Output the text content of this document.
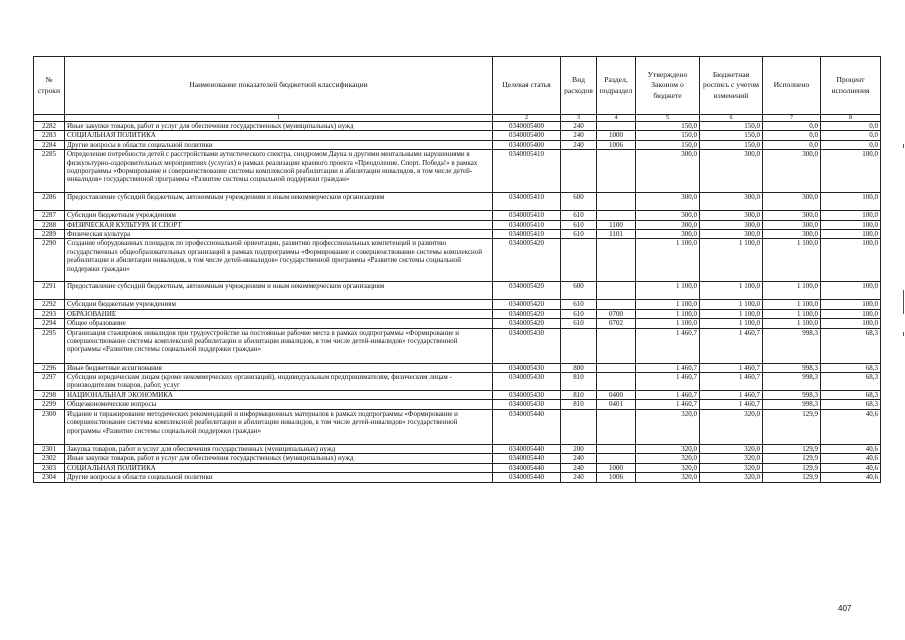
№ строки	Наименование показателей бюджетной классификации	Целевая статья	Вид расходов	Раздел, подраздел	Утверждено Законом о бюджете	Бюджетная роспись с учетом изменений	Исполнено	Процент исполнения
	1	2	3	4	5	6	7	8
2282	Иные закупки товаров, работ и услуг для обеспечения государственных (муниципальных) нужд	0340005400	240		150,0	150,0	0,0	0,0
2283	СОЦИАЛЬНАЯ ПОЛИТИКА	0340005400	240	1000	150,0	150,0	0,0	0,0
2284	Другие вопросы в области социальной политики	0340005400	240	1006	150,0	150,0	0,0	0,0
2285	Определение потребности детей с расстройствами аутистического спектра, синдромом Дауна и другими ментальными нарушениями в физкультурно-оздоровительных мероприятиях (услугах) в рамках реализации краевого проекта «Преодоление. Спорт. Победа!» в рамках подпрограммы «Формирование и совершенствование системы комплексной реабилитации и абилитации инвалидов, в том числе детей-инвалидов» государственной программы «Развитие системы социальной поддержки граждан»	0340005410			300,0	300,0	300,0	100,0
2286	Предоставление субсидий бюджетным, автономным учреждениям и иным некоммерческим организациям	0340005410	600		300,0	300,0	300,0	100,0
2287	Субсидии бюджетным учреждениям	0340005410	610		300,0	300,0	300,0	100,0
2288	ФИЗИЧЕСКАЯ КУЛЬТУРА И СПОРТ	0340005410	610	1100	300,0	300,0	300,0	100,0
2289	Физическая культура	0340005410	610	1101	300,0	300,0	300,0	100,0
2290	Создание оборудованных площадок по профессиональной ориентации, развитию профессиональных компетенций и развитию государственных общеобразовательных организаций в рамках подпрограммы «Формирование и совершенствование системы комплексной реабилитации и абилитации инвалидов, в том числе детей-инвалидов» государственной программы «Развитие системы социальной поддержки граждан»	0340005420			1 100,0	1 100,0	1 100,0	100,0
2291	Предоставление субсидий бюджетным, автономным учреждениям и иным некоммерческим организациям	0340005420	600		1 100,0	1 100,0	1 100,0	100,0
2292	Субсидии бюджетным учреждениям	0340005420	610		1 100,0	1 100,0	1 100,0	100,0
2293	ОБРАЗОВАНИЕ	0340005420	610	0700	1 100,0	1 100,0	1 100,0	100,0
2294	Общее образование	0340005420	610	0702	1 100,0	1 100,0	1 100,0	100,0
2295	Организация стажировок инвалидов при трудоустройстве на постоянные рабочие места в рамках подпрограммы «Формирование и совершенствование системы комплексной реабилитации и абилитации инвалидов, в том числе детей-инвалидов» государственной программы «Развитие системы социальной поддержки граждан»	0340005430			1 460,7	1 460,7	998,3	68,3
2296	Иные бюджетные ассигнования	0340005430	800		1 460,7	1 460,7	998,3	68,3
2297	Субсидии юридическим лицам (кроме некоммерческих организаций), индивидуальным предпринимателям, физическим лицам - производителям товаров, работ, услуг	0340005430	810		1 460,7	1 460,7	998,3	68,3
2298	НАЦИОНАЛЬНАЯ ЭКОНОМИКА	0340005430	810	0400	1 460,7	1 460,7	998,3	68,3
2299	Общеэкономические вопросы	0340005430	810	0401	1 460,7	1 460,7	998,3	68,3
2300	Издание и тиражирование методических рекомендаций и информационных материалов в рамках подпрограммы «Формирование и совершенствование системы комплексной реабилитации и абилитации инвалидов, в том числе детей-инвалидов» государственной программы «Развитие системы социальной поддержки граждан»	0340005440			320,0	320,0	129,9	40,6
2301	Закупка товаров, работ и услуг для обеспечения государственных (муниципальных) нужд	0340005440	200		320,0	320,0	129,9	40,6
2302	Иные закупки товаров, работ и услуг для обеспечения государственных (муниципальных) нужд	0340005440	240		320,0	320,0	129,9	40,6
2303	СОЦИАЛЬНАЯ ПОЛИТИКА	0340005440	240	1000	320,0	320,0	129,9	40,6
2304	Другие вопросы в области социальной политики	0340005440	240	1006	320,0	320,0	129,9	40,6
407
